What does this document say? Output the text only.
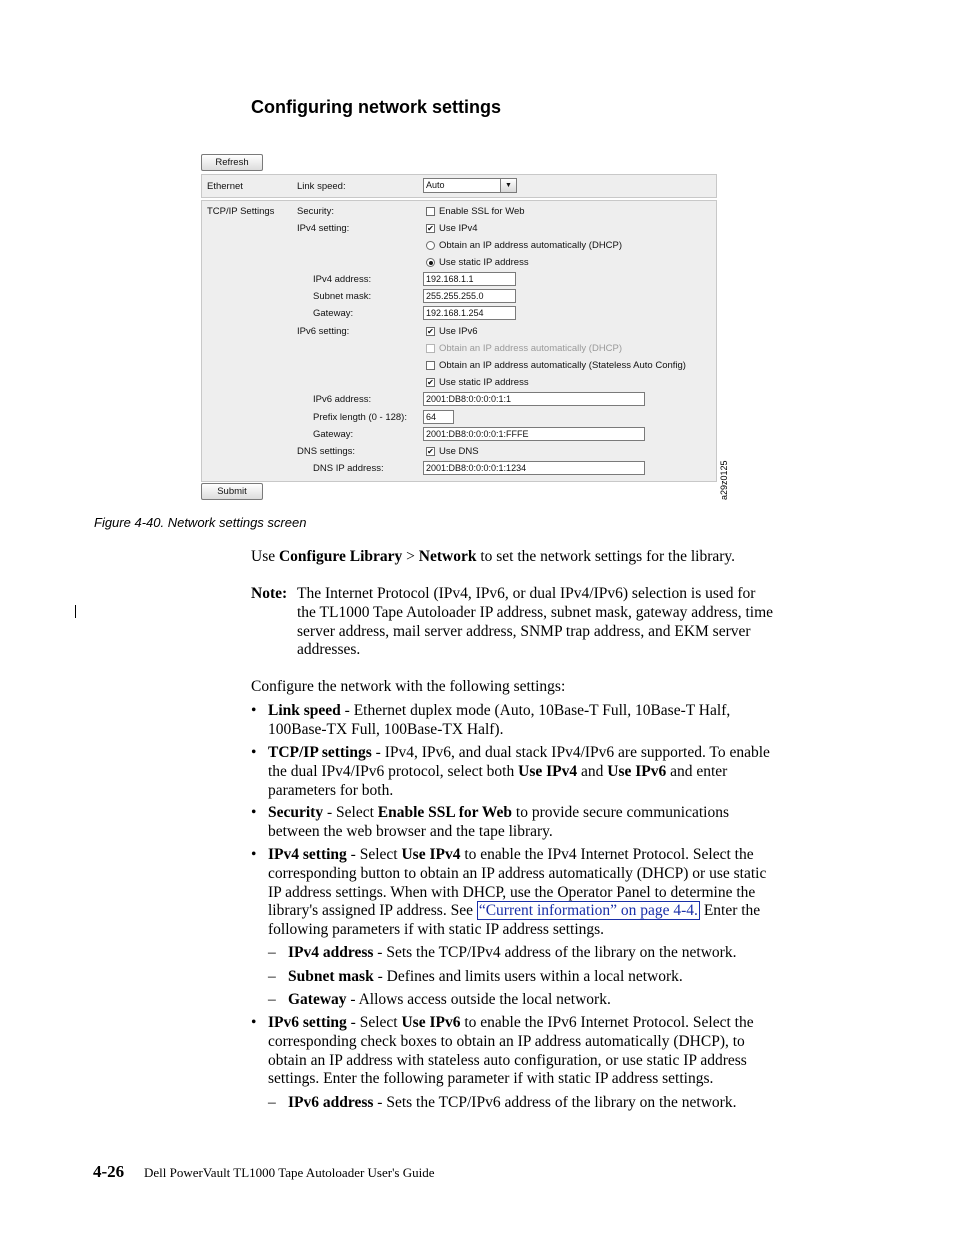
Configuring network settings
Refresh
Ethernet	Link speed:	Auto	▼
TCP/IP Settings Security:	Enable SSL for Web
IPv4 setting:	✔ Use IPv4
Obtain an IP address automatically (DHCP)
Use static IP address
IPv4 address:	192.168.1.1
Subnet mask:	255.255.255.0
Gateway:	192.168.1.254
IPv6 setting:	✔ Use IPv6
Obtain an IP address automatically (DHCP)
Obtain an IP address automatically (Stateless Auto Config)
✔ Use static IP address
IPv6 address:	2001:DB8:0:0:0:0:1:1
Prefix length (0 - 128):	64
Gateway:	2001:DB8:0:0:0:0:1:FFFE
DNS settings:	✔ Use DNS
DNS IP address:	2001:DB8:0:0:0:0:1:1234
Submit	a29z0125
Figure 4-40. Network settings screen
Use Configure Library > Network to set the network settings for the library.
Note: The Internet Protocol (IPv4, IPv6, or dual IPv4/IPv6) selection is used for
the TL1000 Tape Autoloader IP address, subnet mask, gateway address, time
server address, mail server address, SNMP trap address, and EKM server
addresses.
Configure the network with the following settings:
• Link speed - Ethernet duplex mode (Auto, 10Base-T Full, 10Base-T Half,
100Base-TX Full, 100Base-TX Half).
• TCP/IP settings - IPv4, IPv6, and dual stack IPv4/IPv6 are supported. To enable
the dual IPv4/IPv6 protocol, select both Use IPv4 and Use IPv6 and enter
parameters for both.
• Security - Select Enable SSL for Web to provide secure communications
between the web browser and the tape library.
• IPv4 setting - Select Use IPv4 to enable the IPv4 Internet Protocol. Select the
corresponding button to obtain an IP address automatically (DHCP) or use static
IP address settings. When with DHCP, use the Operator Panel to determine the
library's assigned IP address. See “Current information” on page 4-4. Enter the
following parameters if with static IP address settings.
– IPv4 address - Sets the TCP/IPv4 address of the library on the network.
– Subnet mask - Defines and limits users within a local network.
– Gateway - Allows access outside the local network.
• IPv6 setting - Select Use IPv6 to enable the IPv6 Internet Protocol. Select the
corresponding check boxes to obtain an IP address automatically (DHCP), to
obtain an IP address with stateless auto configuration, or use static IP address
settings. Enter the following parameter if with static IP address settings.
– IPv6 address - Sets the TCP/IPv6 address of the library on the network.
4-26 Dell PowerVault TL1000 Tape Autoloader User's Guide
